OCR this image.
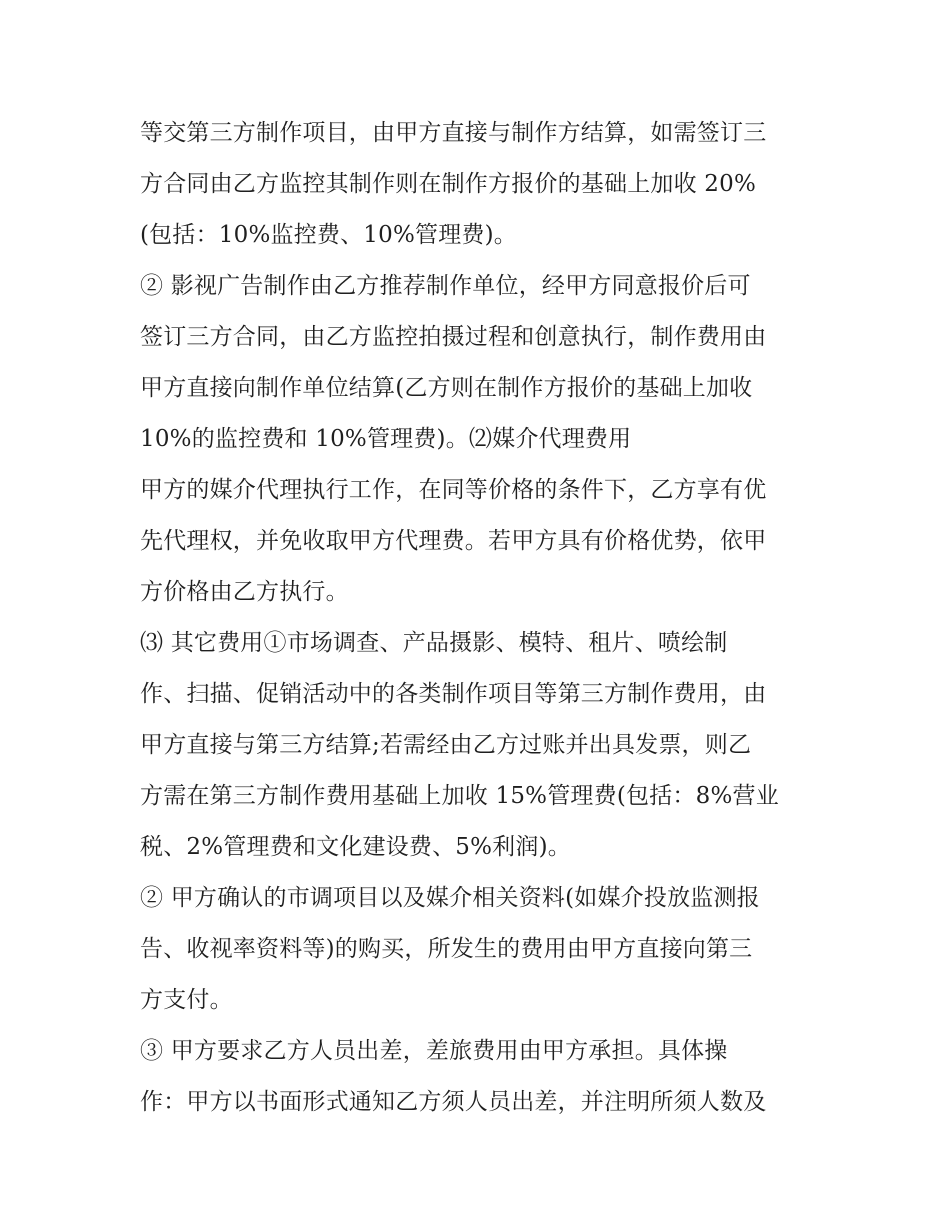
等交第三方制作项目，由甲方直接与制作方结算，如需签订三
方合同由乙方监控其制作则在制作方报价的基础上加收 20%
(包括：10%监控费、10%管理费)。
② 影视广告制作由乙方推荐制作单位，经甲方同意报价后可
签订三方合同，由乙方监控拍摄过程和创意执行，制作费用由
甲方直接向制作单位结算(乙方则在制作方报价的基础上加收
10%的监控费和 10%管理费)。⑵媒介代理费用
甲方的媒介代理执行工作，在同等价格的条件下，乙方享有优
先代理权，并免收取甲方代理费。若甲方具有价格优势，依甲
方价格由乙方执行。
⑶ 其它费用①市场调查、产品摄影、模特、租片、喷绘制
作、扫描、促销活动中的各类制作项目等第三方制作费用，由
甲方直接与第三方结算;若需经由乙方过账并出具发票，则乙
方需在第三方制作费用基础上加收 15%管理费(包括：8%营业
税、2%管理费和文化建设费、5%利润)。
② 甲方确认的市调项目以及媒介相关资料(如媒介投放监测报
告、收视率资料等)的购买，所发生的费用由甲方直接向第三
方支付。
③ 甲方要求乙方人员出差，差旅费用由甲方承担。具体操
作：甲方以书面形式通知乙方须人员出差，并注明所须人数及
